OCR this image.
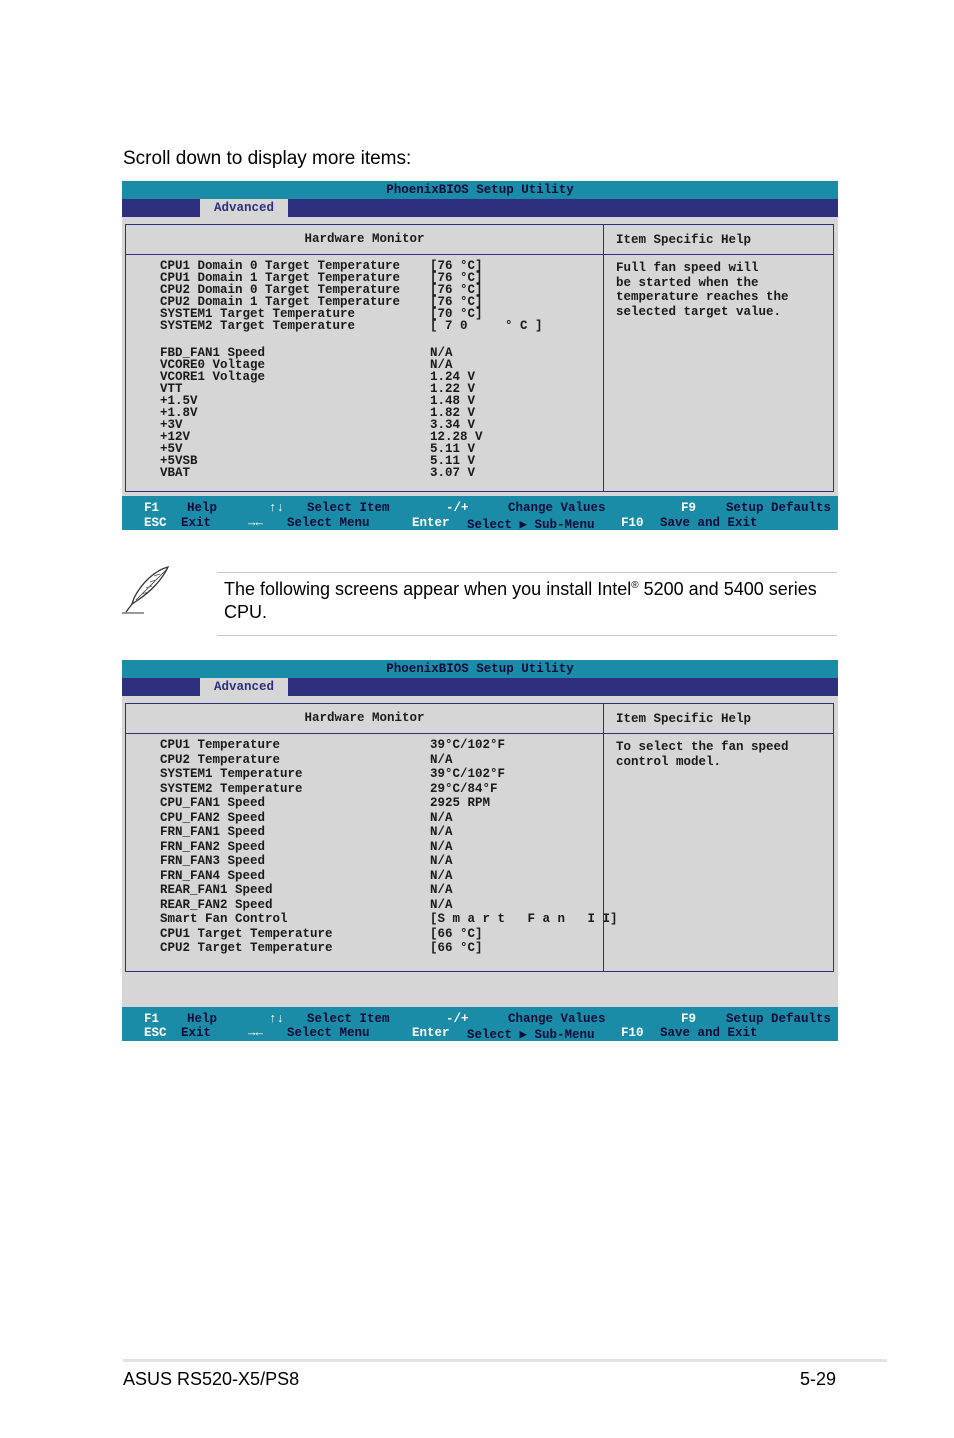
Scroll down to display more items:
PhoenixBIOS Setup Utility
Advanced
Hardware Monitor
CPU1 Domain 0 Target Temperature [76 °C]
CPU1 Domain 1 Target Temperature [76 °C]
CPU2 Domain 0 Target Temperature [76 °C]
CPU2 Domain 1 Target Temperature [76 °C]
SYSTEM1 Target Temperature	[70 °C]
SYSTEM2 Target Temperature	[ 7 0     ° C ]
FBD_FAN1 Speed	N/A
VCORE0 Voltage	N/A
VCORE1 Voltage	1.24 V
VTT	1.22 V
+1.5V	1.48 V
+1.8V	1.82 V
+3V	3.34 V
+12V	12.28 V
+5V	5.11 V
+5VSB	5.11 V
VBAT	3.07 V
Item Specific Help
Full fan speed will
be started when the
temperature reaches the
selected target value.
F1 Help	↑↓ Select Item	-/+	Change Values	F9 Setup Defaults
ESC Exit	→← Select Menu	Enter Select ▶ Sub-Menu F10 Save and Exit
The following screens appear when you install Intel® 5200 and 5400 series CPU.
PhoenixBIOS Setup Utility
Advanced
Hardware Monitor
CPU1 Temperature	39°C/102°F
CPU2 Temperature	N/A
SYSTEM1 Temperature	39°C/102°F
SYSTEM2 Temperature	29°C/84°F
CPU_FAN1 Speed	2925 RPM
CPU_FAN2 Speed	N/A
FRN_FAN1 Speed	N/A
FRN_FAN2 Speed	N/A
FRN_FAN3 Speed	N/A
FRN_FAN4 Speed	N/A
REAR_FAN1 Speed	N/A
REAR_FAN2 Speed	N/A
Smart Fan Control	[S m a r t   F a n   I I]
CPU1 Target Temperature	[66 °C]
CPU2 Target Temperature	[66 °C]
Item Specific Help
To select the fan speed
control model.
F1 Help	↑↓ Select Item	-/+	Change Values	F9 Setup Defaults
ESC Exit	→← Select Menu	Enter Select ▶ Sub-Menu F10 Save and Exit
ASUS RS520-X5/PS8	5-29
